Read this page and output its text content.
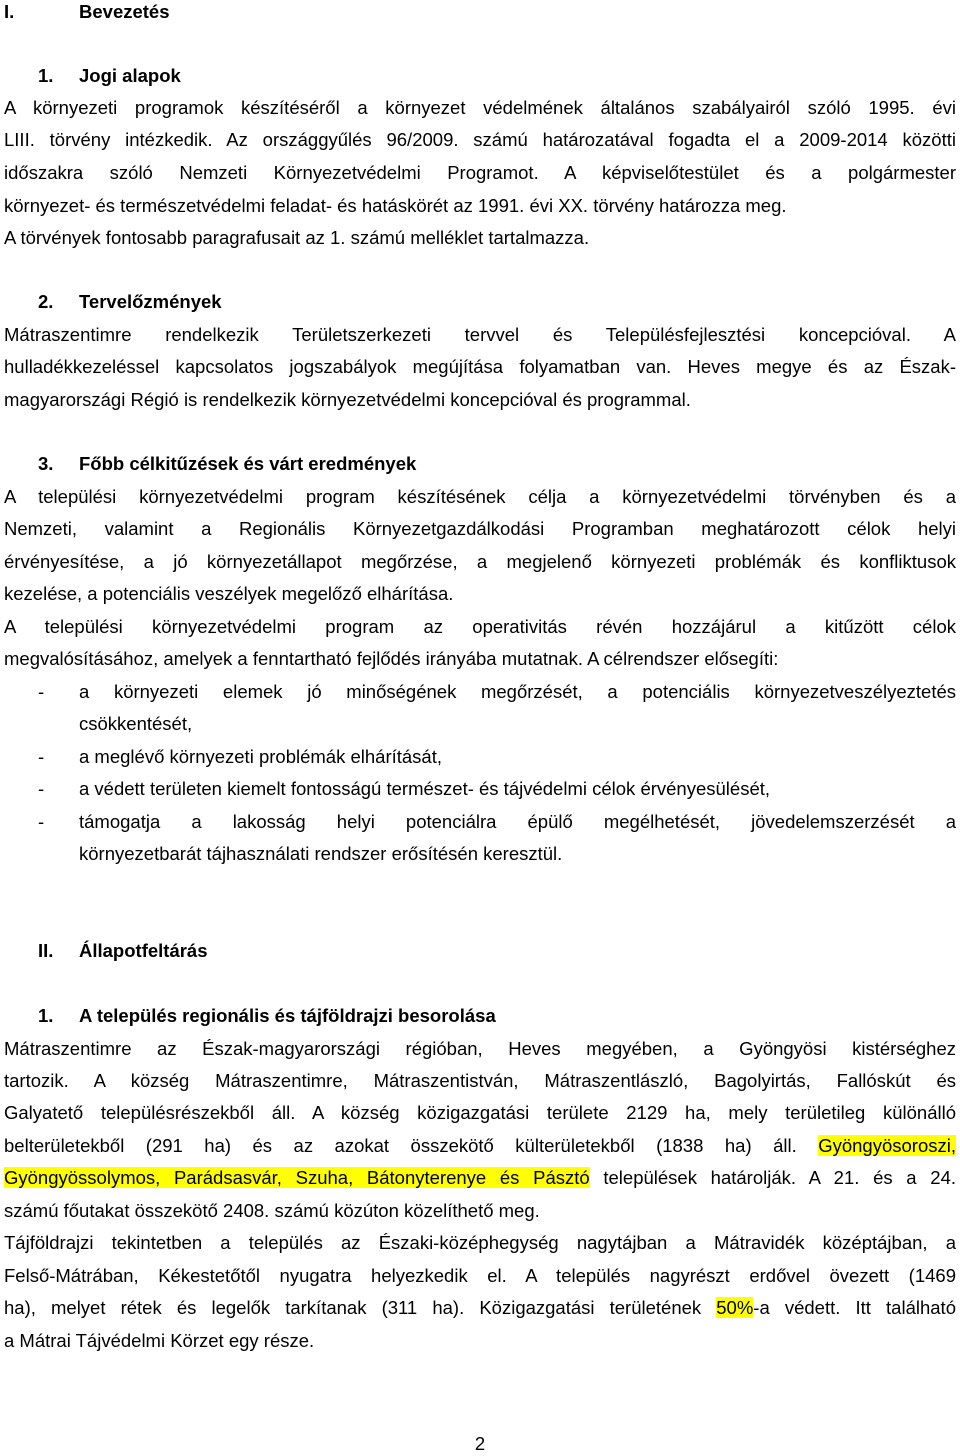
I.	Bevezetés
1. Jogi alapok
A környezeti programok készítéséről a környezet védelmének általános szabályairól szóló 1995. évi
LIII. törvény intézkedik. Az országgyűlés 96/2009. számú határozatával fogadta el a 2009-2014 közötti
időszakra szóló Nemzeti Környezetvédelmi Programot. A képviselőtestület és a polgármester
környezet- és természetvédelmi feladat- és hatáskörét az 1991. évi XX. törvény határozza meg.
A törvények fontosabb paragrafusait az 1. számú melléklet tartalmazza.
2. Tervelőzmények
Mátraszentimre rendelkezik Területszerkezeti tervvel és Településfejlesztési koncepcióval. A
hulladékkezeléssel kapcsolatos jogszabályok megújítása folyamatban van. Heves megye és az Észak-
magyarországi Régió is rendelkezik környezetvédelmi koncepcióval és programmal.
3. Főbb célkitűzések és várt eredmények
A települési környezetvédelmi program készítésének célja a környezetvédelmi törvényben és a
Nemzeti, valamint a Regionális Környezetgazdálkodási Programban meghatározott célok helyi
érvényesítése, a jó környezetállapot megőrzése, a megjelenő környezeti problémák és konfliktusok
kezelése, a potenciális veszélyek megelőző elhárítása.
A települési környezetvédelmi program az operativitás révén hozzájárul a kitűzött célok
megvalósításához, amelyek a fenntartható fejlődés irányába mutatnak. A célrendszer elősegíti:
- a környezeti elemek jó minőségének megőrzését, a potenciális környezetveszélyeztetés
csökkentését,
- a meglévő környezeti problémák elhárítását,
- a védett területen kiemelt fontosságú természet- és tájvédelmi célok érvényesülését,
- támogatja a lakosság helyi potenciálra épülő megélhetését, jövedelemszerzését a
környezetbarát tájhasználati rendszer erősítésén keresztül.
II. Állapotfeltárás
1. A település regionális és tájföldrajzi besorolása
Mátraszentimre az Észak-magyarországi régióban, Heves megyében, a Gyöngyösi kistérséghez
tartozik. A község Mátraszentimre, Mátraszentistván, Mátraszentlászló, Bagolyirtás, Fallóskút és
Galyatető településrészekből áll. A község közigazgatási területe 2129 ha, mely területileg különálló
belterületekből (291 ha) és az azokat összekötő külterületekből (1838 ha) áll. Gyöngyösoroszi,
Gyöngyössolymos, Parádsasvár, Szuha, Bátonyterenye és Pásztó települések határolják. A 21. és a 24.
számú főutakat összekötő 2408. számú közúton közelíthető meg.
Tájföldrajzi tekintetben a település az Északi-középhegység nagytájban a Mátravidék középtájban, a
Felső-Mátrában, Kékestetőtől nyugatra helyezkedik el. A település nagyrészt erdővel övezett (1469
ha), melyet rétek és legelők tarkítanak (311 ha). Közigazgatási területének 50%-a védett. Itt található
a Mátrai Tájvédelmi Körzet egy része.
2
